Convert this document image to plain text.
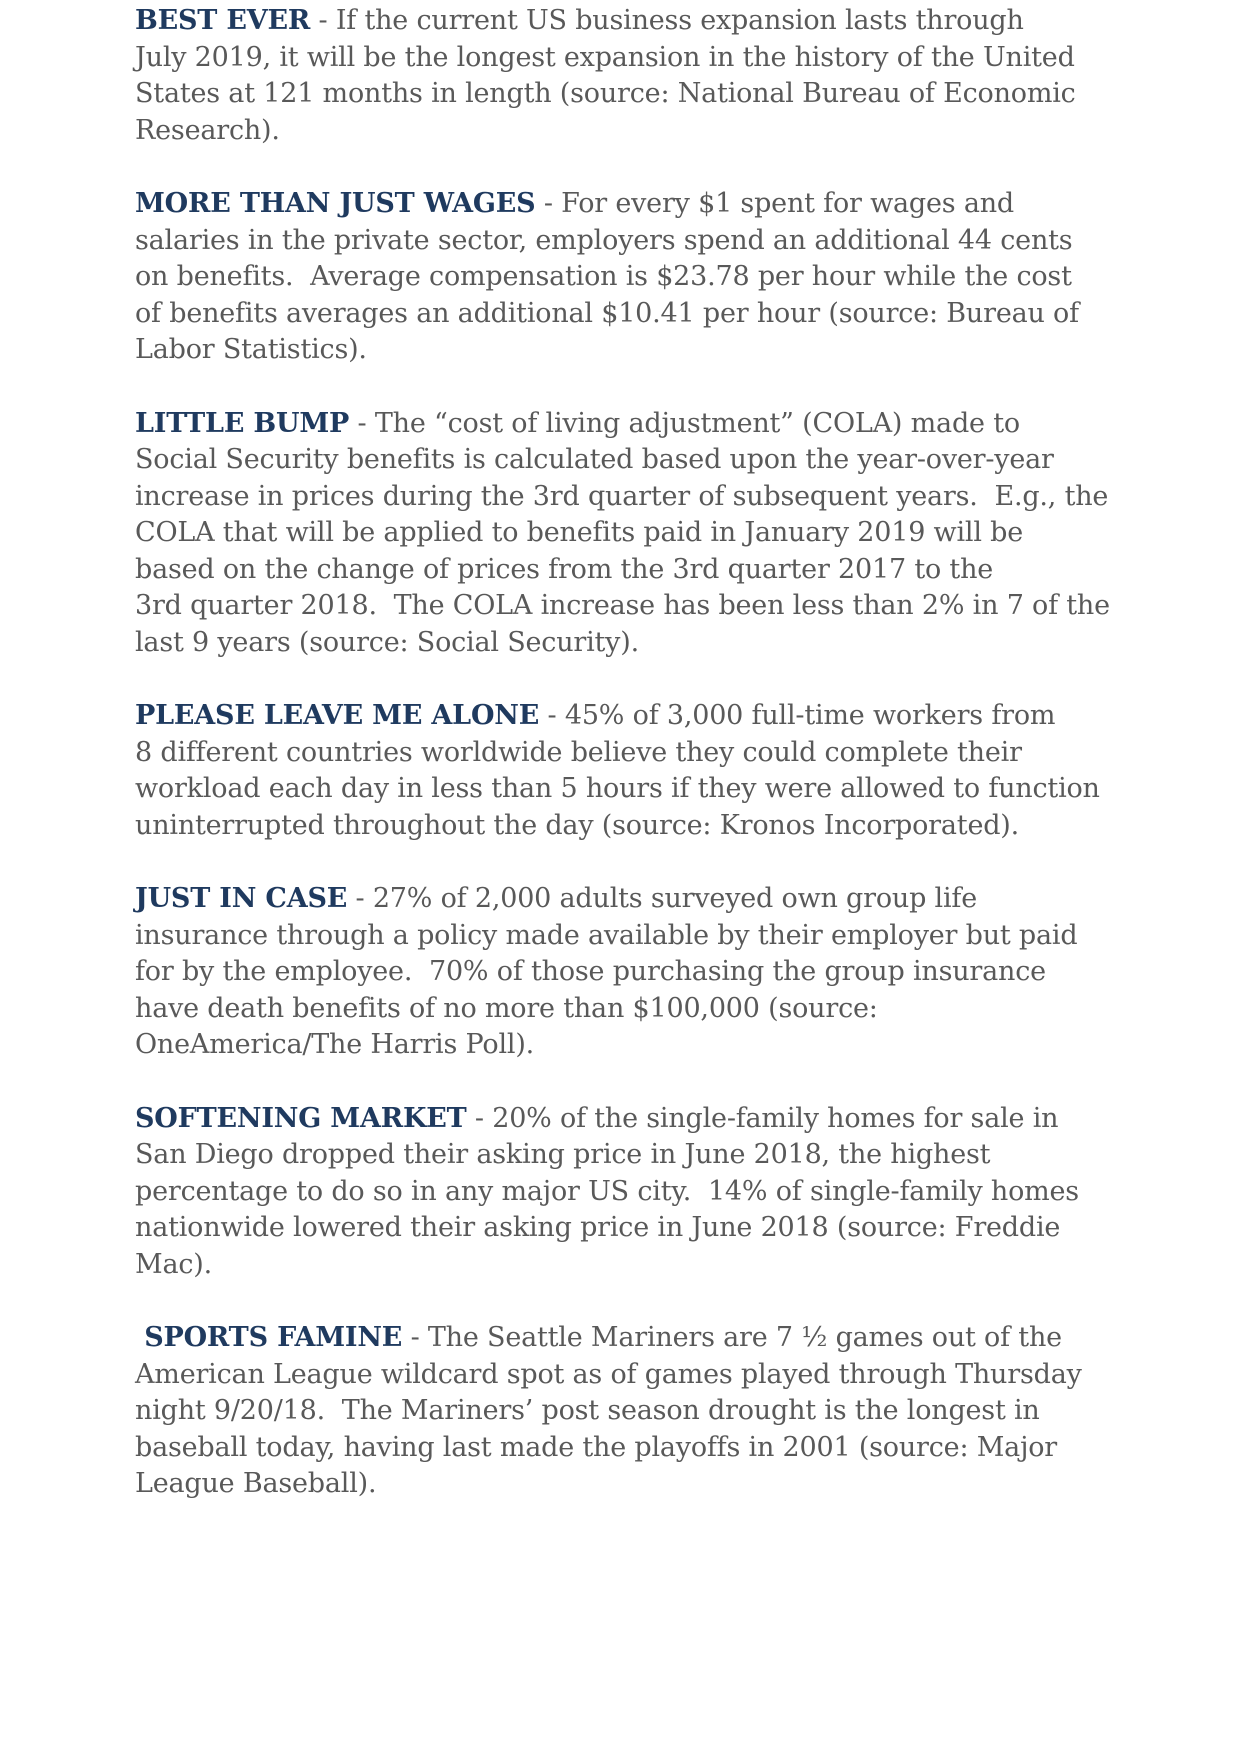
BEST EVER - If the current US business expansion lasts through
July 2019, it will be the longest expansion in the history of the United
States at 121 months in length (source: National Bureau of Economic
Research).

MORE THAN JUST WAGES - For every $1 spent for wages and
salaries in the private sector, employers spend an additional 44 cents
on benefits.  Average compensation is $23.78 per hour while the cost
of benefits averages an additional $10.41 per hour (source: Bureau of
Labor Statistics).

LITTLE BUMP - The “cost of living adjustment” (COLA) made to
Social Security benefits is calculated based upon the year-over-year
increase in prices during the 3rd quarter of subsequent years.  E.g., the
COLA that will be applied to benefits paid in January 2019 will be
based on the change of prices from the 3rd quarter 2017 to the
3rd quarter 2018.  The COLA increase has been less than 2% in 7 of the
last 9 years (source: Social Security).

PLEASE LEAVE ME ALONE - 45% of 3,000 full-time workers from
8 different countries worldwide believe they could complete their
workload each day in less than 5 hours if they were allowed to function
uninterrupted throughout the day (source: Kronos Incorporated).

JUST IN CASE - 27% of 2,000 adults surveyed own group life
insurance through a policy made available by their employer but paid
for by the employee.  70% of those purchasing the group insurance
have death benefits of no more than $100,000 (source:
OneAmerica/The Harris Poll).

SOFTENING MARKET - 20% of the single-family homes for sale in
San Diego dropped their asking price in June 2018, the highest
percentage to do so in any major US city.  14% of single-family homes
nationwide lowered their asking price in June 2018 (source: Freddie
Mac).

SPORTS FAMINE - The Seattle Mariners are 7 ½ games out of the
American League wildcard spot as of games played through Thursday
night 9/20/18.  The Mariners’ post season drought is the longest in
baseball today, having last made the playoffs in 2001 (source: Major
League Baseball).
